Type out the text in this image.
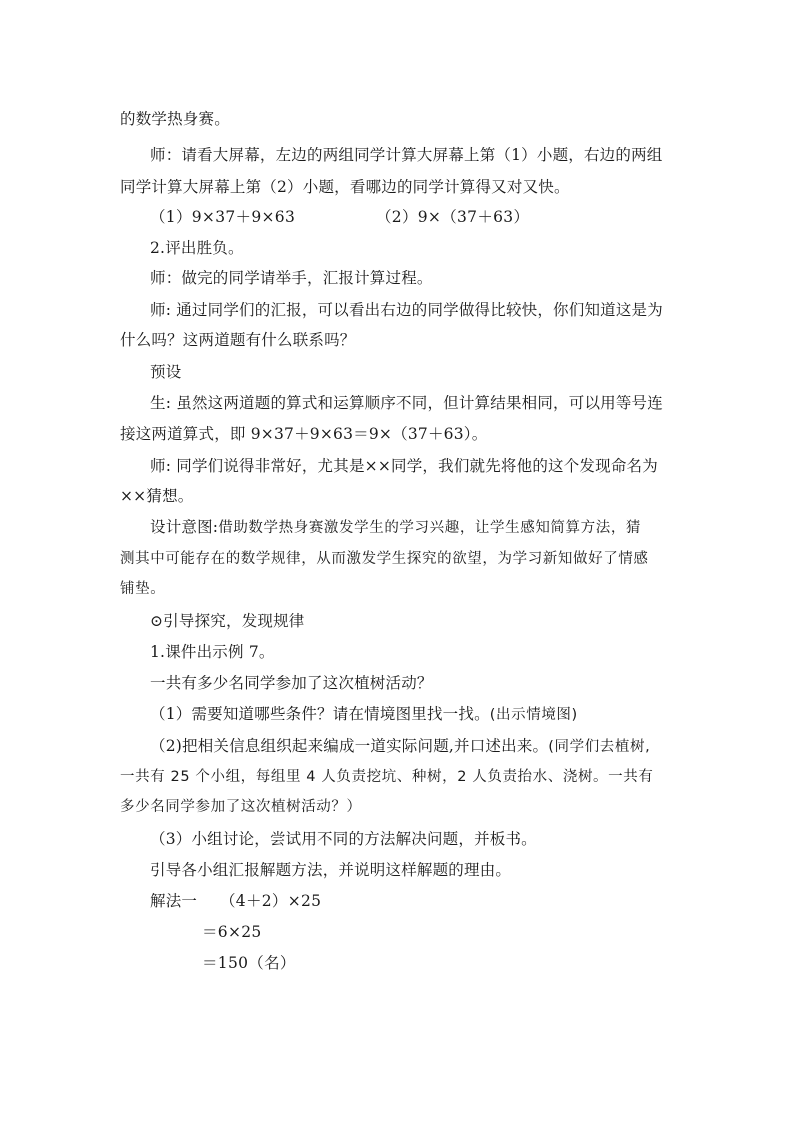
的数学热身赛。
师：请看大屏幕，左边的两组同学计算大屏幕上第（1）小题，右边的两组
同学计算大屏幕上第（2）小题，看哪边的同学计算得又对又快。
（1）9×37＋9×63	（2）9×（37＋63）
2.评出胜负。
师：做完的同学请举手，汇报计算过程。
师: 通过同学们的汇报，可以看出右边的同学做得比较快，你们知道这是为
什么吗？这两道题有什么联系吗？
预设
生: 虽然这两道题的算式和运算顺序不同，但计算结果相同，可以用等号连
接这两道算式，即 9×37＋9×63＝9×（37＋63）。
师: 同学们说得非常好，尤其是××同学，我们就先将他的这个发现命名为
××猜想。
设计意图:借助数学热身赛激发学生的学习兴趣，让学生感知简算方法，猜
测其中可能存在的数学规律，从而激发学生探究的欲望，为学习新知做好了情感
铺垫。
⊙引导探究，发现规律
1.课件出示例 7。
一共有多少名同学参加了这次植树活动？
（1）需要知道哪些条件？请在情境图里找一找。(出示情境图)
（2)把相关信息组织起来编成一道实际问题,并口述出来。(同学们去植树,
一共有 25 个小组，每组里 4 人负责挖坑、种树，2 人负责抬水、浇树。一共有
多少名同学参加了这次植树活动？）
（3）小组讨论，尝试用不同的方法解决问题，并板书。
引导各小组汇报解题方法，并说明这样解题的理由。
解法一 （4＋2）×25
＝6×25
＝150（名）
